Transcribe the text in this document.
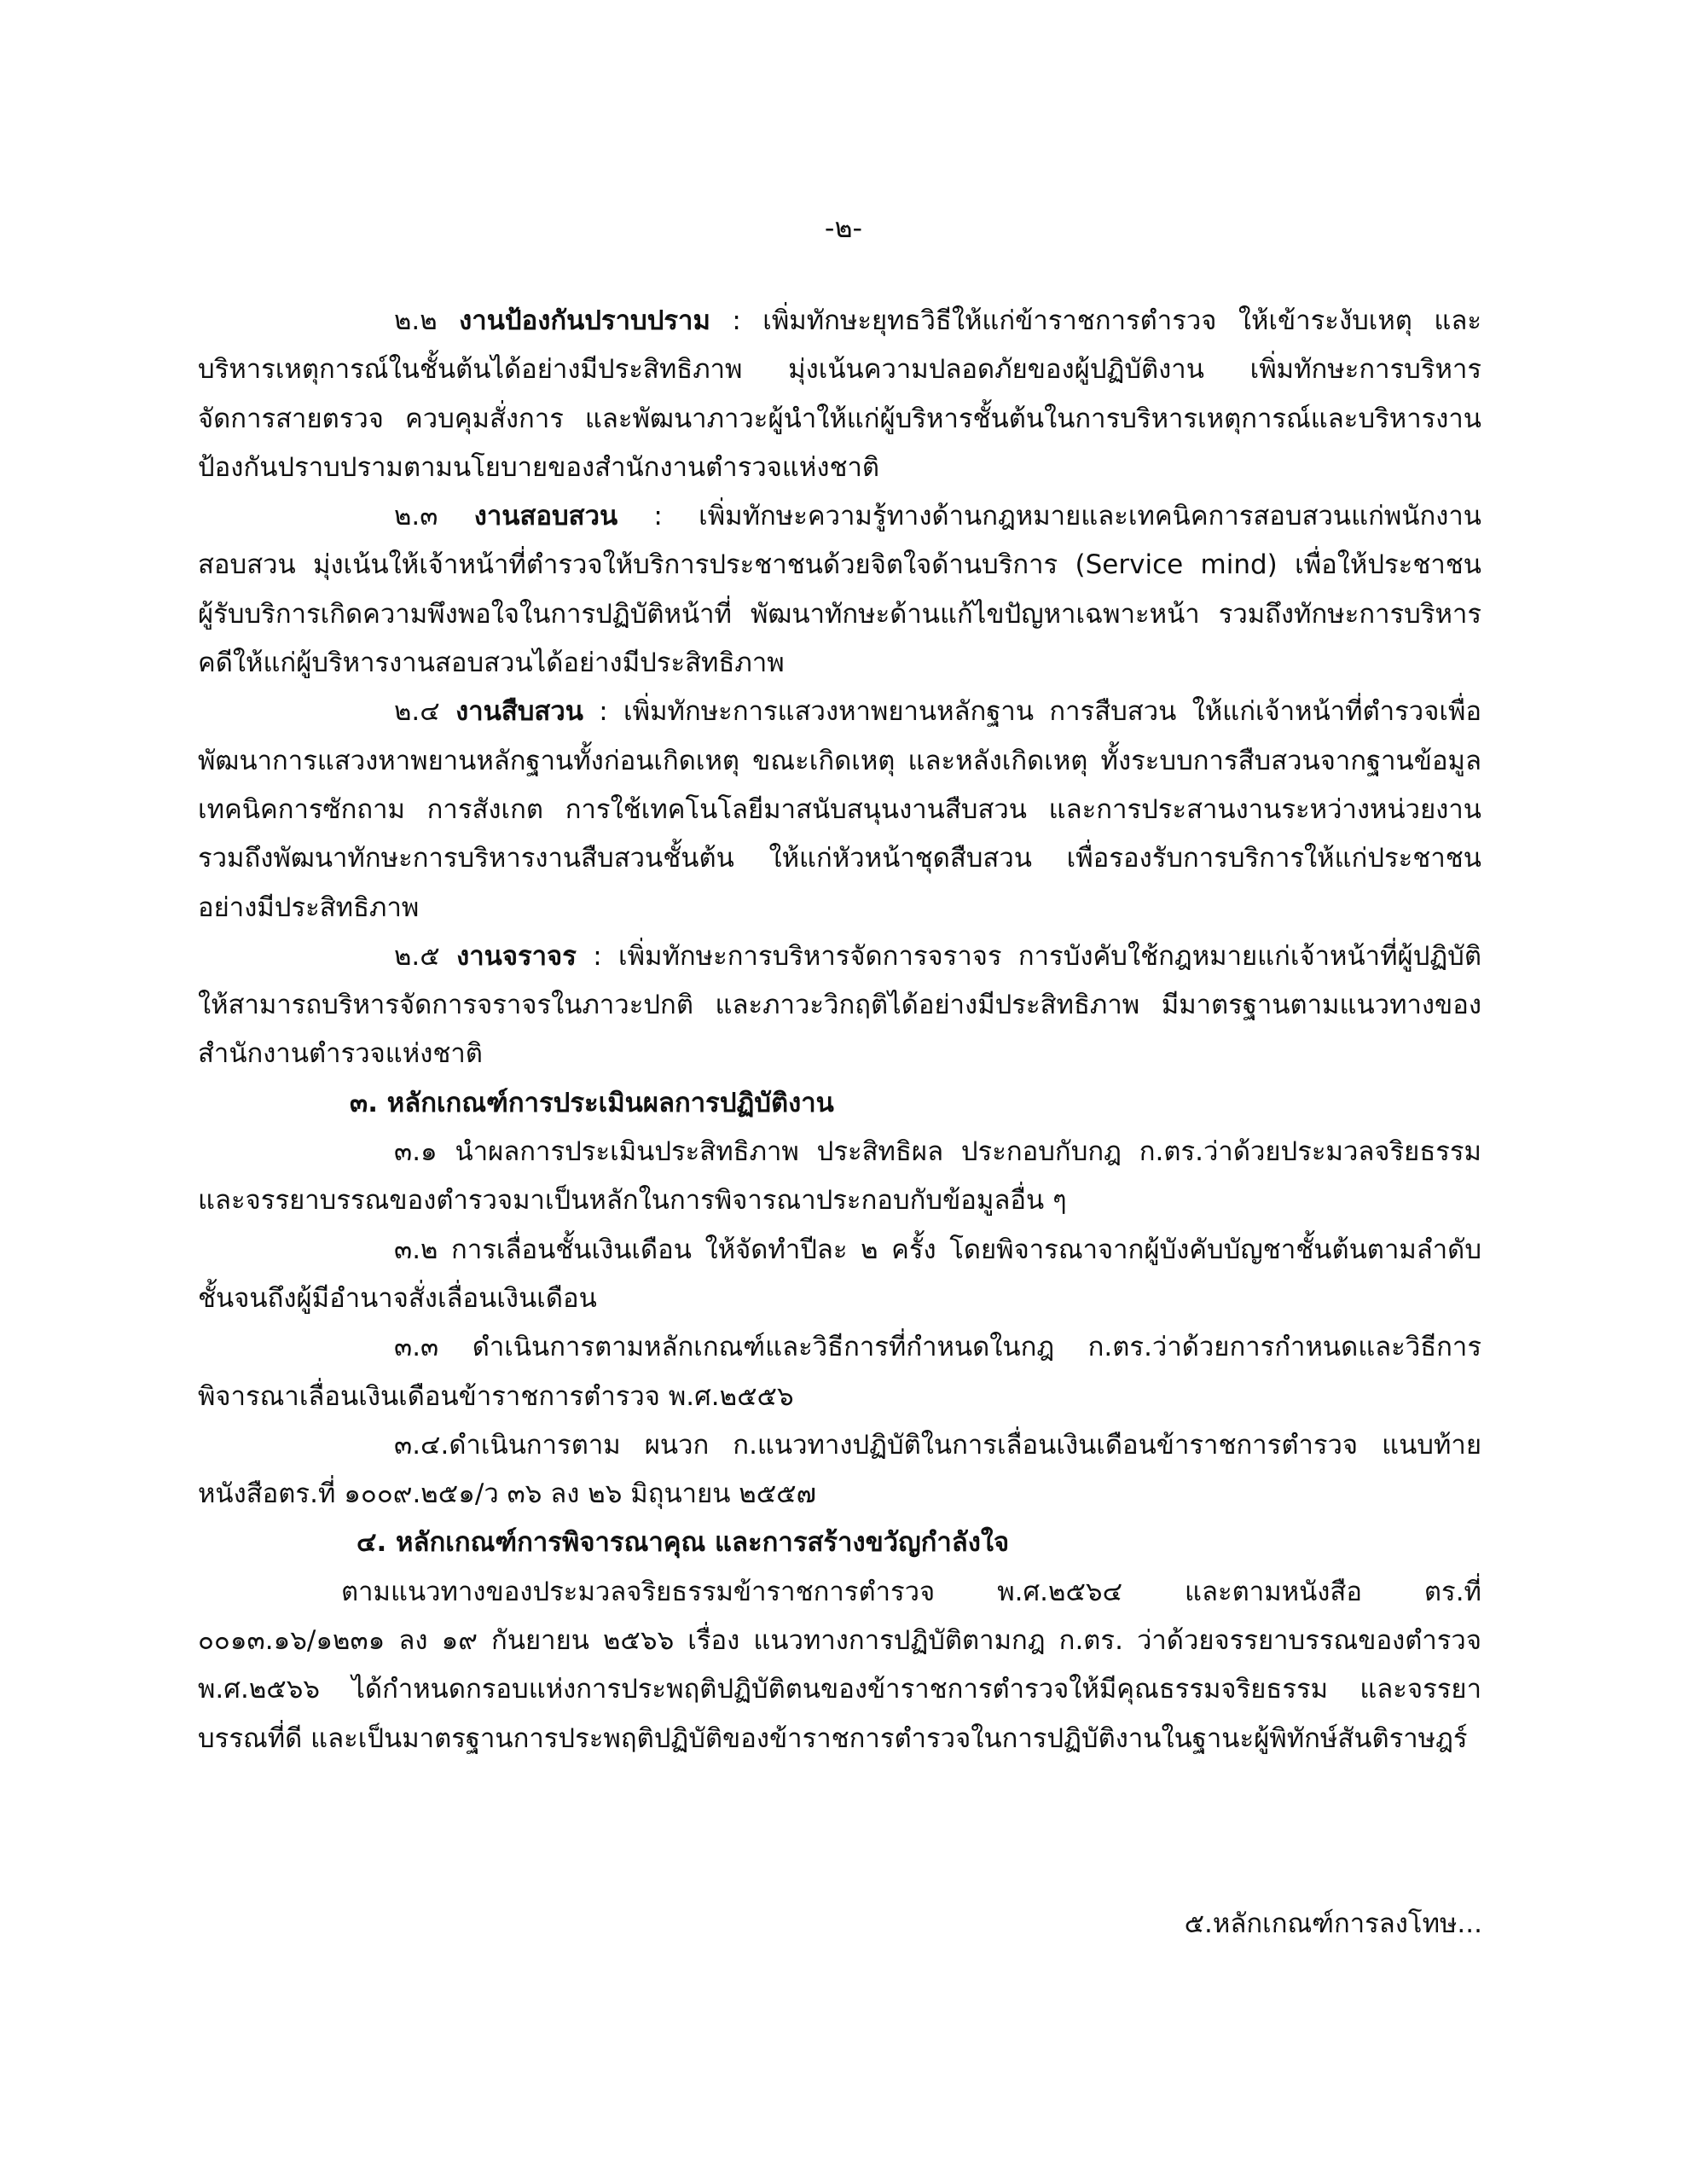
-๒-

๒.๒ งานป้องกันปราบปราม : เพิ่มทักษะยุทธวิธีให้แก่ข้าราชการตำรวจ ให้เข้าระงับเหตุ และบริหารเหตุการณ์ในชั้นต้นได้อย่างมีประสิทธิภาพ มุ่งเน้นความปลอดภัยของผู้ปฏิบัติงาน เพิ่มทักษะการบริหารจัดการสายตรวจ ควบคุมสั่งการ และพัฒนาภาวะผู้นำให้แก่ผู้บริหารชั้นต้นในการบริหารเหตุการณ์และบริหารงานป้องกันปราบปรามตามนโยบายของสำนักงานตำรวจแห่งชาติ

๒.๓ งานสอบสวน : เพิ่มทักษะความรู้ทางด้านกฎหมายและเทคนิคการสอบสวนแก่พนักงานสอบสวน มุ่งเน้นให้เจ้าหน้าที่ตำรวจให้บริการประชาชนด้วยจิตใจด้านบริการ (Service mind) เพื่อให้ประชาชนผู้รับบริการเกิดความพึงพอใจในการปฏิบัติหน้าที่ พัฒนาทักษะด้านแก้ไขปัญหาเฉพาะหน้า รวมถึงทักษะการบริหารคดีให้แก่ผู้บริหารงานสอบสวนได้อย่างมีประสิทธิภาพ

๒.๔ งานสืบสวน : เพิ่มทักษะการแสวงหาพยานหลักฐาน การสืบสวน ให้แก่เจ้าหน้าที่ตำรวจเพื่อพัฒนาการแสวงหาพยานหลักฐานทั้งก่อนเกิดเหตุ ขณะเกิดเหตุ และหลังเกิดเหตุ ทั้งระบบการสืบสวนจากฐานข้อมูล เทคนิคการซักถาม การสังเกต การใช้เทคโนโลยีมาสนับสนุนงานสืบสวน และการประสานงานระหว่างหน่วยงาน รวมถึงพัฒนาทักษะการบริหารงานสืบสวนชั้นต้น ให้แก่หัวหน้าชุดสืบสวน เพื่อรองรับการบริการให้แก่ประชาชนอย่างมีประสิทธิภาพ

๒.๕ งานจราจร : เพิ่มทักษะการบริหารจัดการจราจร การบังคับใช้กฎหมายแก่เจ้าหน้าที่ผู้ปฏิบัติ ให้สามารถบริหารจัดการจราจรในภาวะปกติ และภาวะวิกฤติได้อย่างมีประสิทธิภาพ มีมาตรฐานตามแนวทางของสำนักงานตำรวจแห่งชาติ

๓. หลักเกณฑ์การประเมินผลการปฏิบัติงาน

๓.๑ นำผลการประเมินประสิทธิภาพ ประสิทธิผล ประกอบกับกฎ ก.ตร.ว่าด้วยประมวลจริยธรรมและจรรยาบรรณของตำรวจมาเป็นหลักในการพิจารณาประกอบกับข้อมูลอื่น ๆ

๓.๒ การเลื่อนชั้นเงินเดือน ให้จัดทำปีละ ๒ ครั้ง โดยพิจารณาจากผู้บังคับบัญชาชั้นต้นตามลำดับชั้นจนถึงผู้มีอำนาจสั่งเลื่อนเงินเดือน

๓.๓ ดำเนินการตามหลักเกณฑ์และวิธีการที่กำหนดในกฎ ก.ตร.ว่าด้วยการกำหนดและวิธีการพิจารณาเลื่อนเงินเดือนข้าราชการตำรวจ พ.ศ.๒๕๕๖

๓.๔.ดำเนินการตาม ผนวก ก.แนวทางปฏิบัติในการเลื่อนเงินเดือนข้าราชการตำรวจ แนบท้ายหนังสือตร.ที่ ๑๐๐๙.๒๕๑/ว ๓๖ ลง ๒๖ มิถุนายน ๒๕๕๗

๔. หลักเกณฑ์การพิจารณาคุณ และการสร้างขวัญกำลังใจ

ตามแนวทางของประมวลจริยธรรมข้าราชการตำรวจ พ.ศ.๒๕๖๔ และตามหนังสือ ตร.ที่ ๐๐๑๓.๑๖/๑๒๓๑ ลง ๑๙ กันยายน ๒๕๖๖ เรื่อง แนวทางการปฏิบัติตามกฎ ก.ตร. ว่าด้วยจรรยาบรรณของตำรวจ พ.ศ.๒๕๖๖ ได้กำหนดกรอบแห่งการประพฤติปฏิบัติตนของข้าราชการตำรวจให้มีคุณธรรมจริยธรรม และจรรยาบรรณที่ดี และเป็นมาตรฐานการประพฤติปฏิบัติของข้าราชการตำรวจในการปฏิบัติงานในฐานะผู้พิทักษ์สันติราษฎร์

๕.หลักเกณฑ์การลงโทษ...
